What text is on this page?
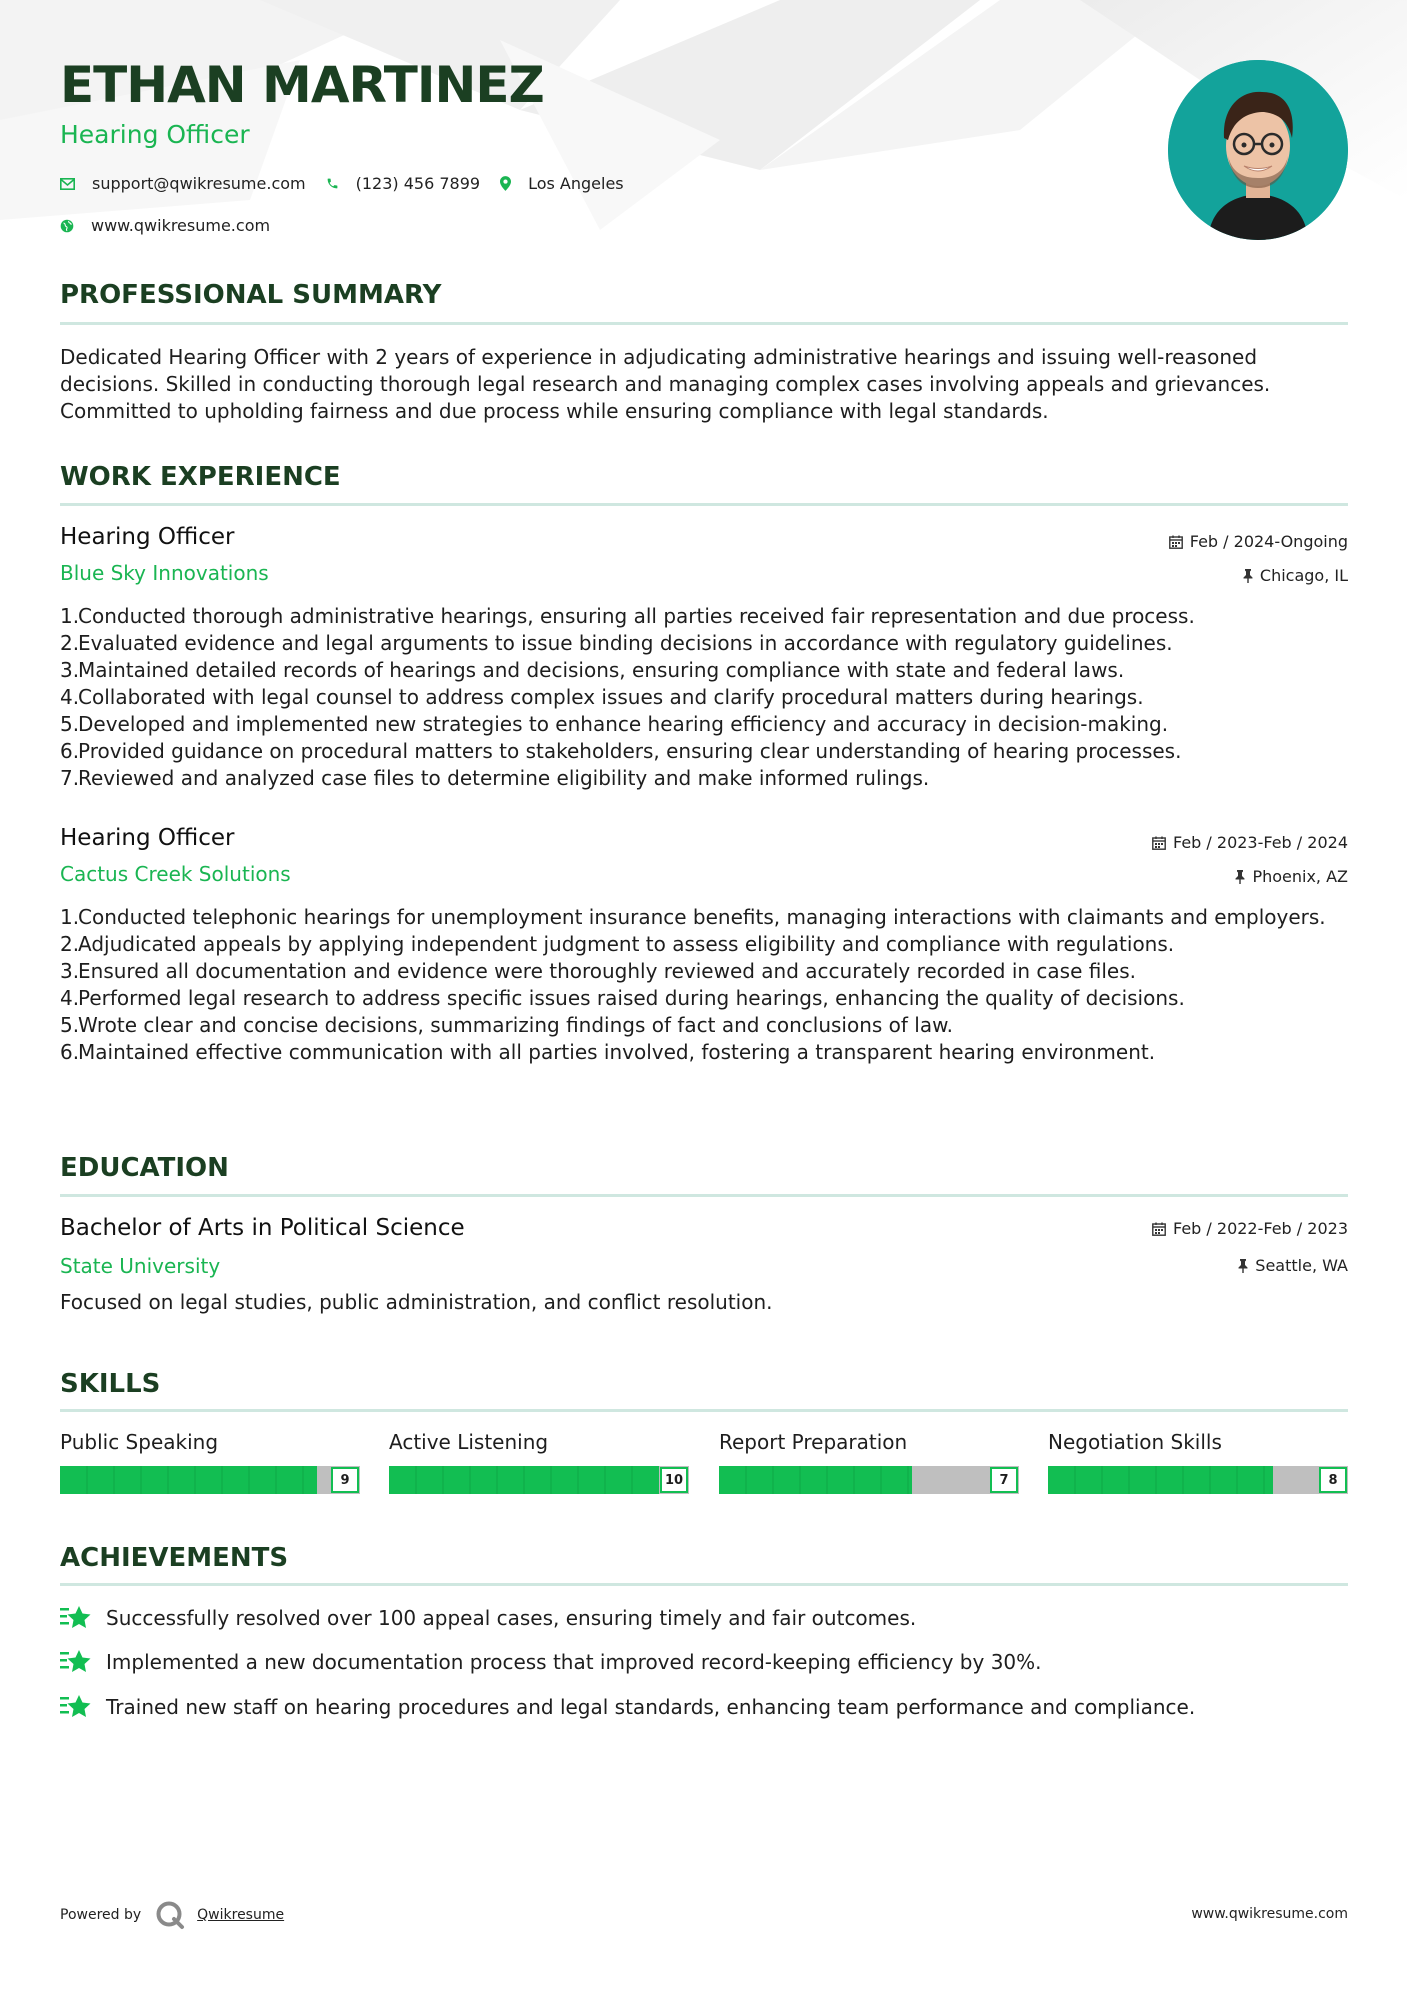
ETHAN MARTINEZ
Hearing Officer
support@qwikresume.com	(123) 456 7899	Los Angeles
www.qwikresume.com
PROFESSIONAL SUMMARY
Dedicated Hearing Officer with 2 years of experience in adjudicating administrative hearings and issuing well-reasoned decisions. Skilled in conducting thorough legal research and managing complex cases involving appeals and grievances. Committed to upholding fairness and due process while ensuring compliance with legal standards.
WORK EXPERIENCE
Hearing Officer	Feb / 2024-Ongoing
Blue Sky Innovations	Chicago, IL
Conducted thorough administrative hearings, ensuring all parties received fair representation and due process.
Evaluated evidence and legal arguments to issue binding decisions in accordance with regulatory guidelines.
Maintained detailed records of hearings and decisions, ensuring compliance with state and federal laws.
Collaborated with legal counsel to address complex issues and clarify procedural matters during hearings.
Developed and implemented new strategies to enhance hearing efficiency and accuracy in decision-making.
Provided guidance on procedural matters to stakeholders, ensuring clear understanding of hearing processes.
Reviewed and analyzed case files to determine eligibility and make informed rulings.
Hearing Officer	Feb / 2023-Feb / 2024
Cactus Creek Solutions	Phoenix, AZ
Conducted telephonic hearings for unemployment insurance benefits, managing interactions with claimants and employers.
Adjudicated appeals by applying independent judgment to assess eligibility and compliance with regulations.
Ensured all documentation and evidence were thoroughly reviewed and accurately recorded in case files.
Performed legal research to address specific issues raised during hearings, enhancing the quality of decisions.
Wrote clear and concise decisions, summarizing findings of fact and conclusions of law.
Maintained effective communication with all parties involved, fostering a transparent hearing environment.
EDUCATION
Bachelor of Arts in Political Science	Feb / 2022-Feb / 2023
State University	Seattle, WA
Focused on legal studies, public administration, and conflict resolution.
SKILLS
Public Speaking
9
Active Listening
10
Report Preparation
7
Negotiation Skills
8
ACHIEVEMENTS
Successfully resolved over 100 appeal cases, ensuring timely and fair outcomes.
Implemented a new documentation process that improved record-keeping efficiency by 30%.
Trained new staff on hearing procedures and legal standards, enhancing team performance and compliance.
Powered by	Qwikresume	www.qwikresume.com
